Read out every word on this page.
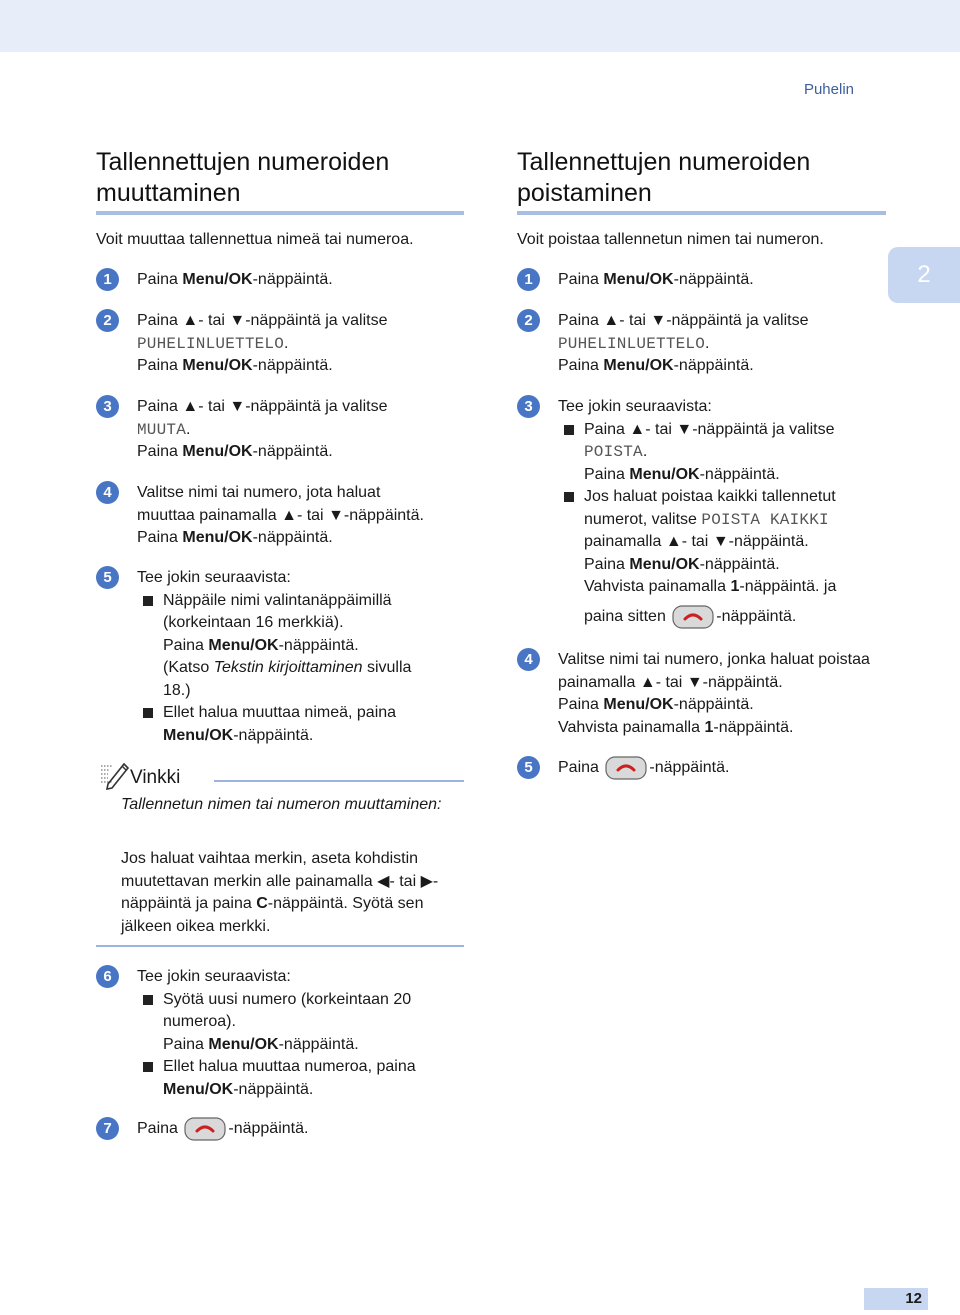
Puhelin
2
Tallennettujen numeroiden muuttaminen
Voit muuttaa tallennettua nimeä tai numeroa.
1	Paina Menu/OK-näppäintä.
2	Paina ▲- tai ▼-näppäintä ja valitse
PUHELINLUETTELO.
Paina Menu/OK-näppäintä.
3	Paina ▲- tai ▼-näppäintä ja valitse
MUUTA.
Paina Menu/OK-näppäintä.
4	Valitse nimi tai numero, jota haluat muuttaa painamalla ▲- tai ▼-näppäintä.
Paina Menu/OK-näppäintä.
5	Tee jokin seuraavista:
Näppäile nimi valintanäppäimillä (korkeintaan 16 merkkiä).
Paina Menu/OK-näppäintä.
(Katso Tekstin kirjoittaminen sivulla 18.)
Ellet halua muuttaa nimeä, paina
Menu/OK-näppäintä.
Vinkki
Tallennetun nimen tai numeron muuttaminen:
Jos haluat vaihtaa merkin, aseta kohdistin muutettavan merkin alle painamalla ◀- tai ▶-näppäintä ja paina C-näppäintä. Syötä sen jälkeen oikea merkki.
6	Tee jokin seuraavista:
Syötä uusi numero (korkeintaan 20 numeroa).
Paina Menu/OK-näppäintä.
Ellet halua muuttaa numeroa, paina
Menu/OK-näppäintä.
7	Paina	-näppäintä.
Tallennettujen numeroiden poistaminen
Voit poistaa tallennetun nimen tai numeron.
1	Paina Menu/OK-näppäintä.
2	Paina ▲- tai ▼-näppäintä ja valitse
PUHELINLUETTELO.
Paina Menu/OK-näppäintä.
3	Tee jokin seuraavista:
Paina ▲- tai ▼-näppäintä ja valitse
POISTA.
Paina Menu/OK-näppäintä.
Jos haluat poistaa kaikki tallennetut numerot, valitse POISTA KAIKKI
painamalla ▲- tai ▼-näppäintä.
Paina Menu/OK-näppäintä.
Vahvista painamalla 1-näppäintä. ja
paina sitten	-näppäintä.
4	Valitse nimi tai numero, jonka haluat poistaa painamalla ▲- tai ▼-näppäintä.
Paina Menu/OK-näppäintä.
Vahvista painamalla 1-näppäintä.
5	Paina	-näppäintä.
12
